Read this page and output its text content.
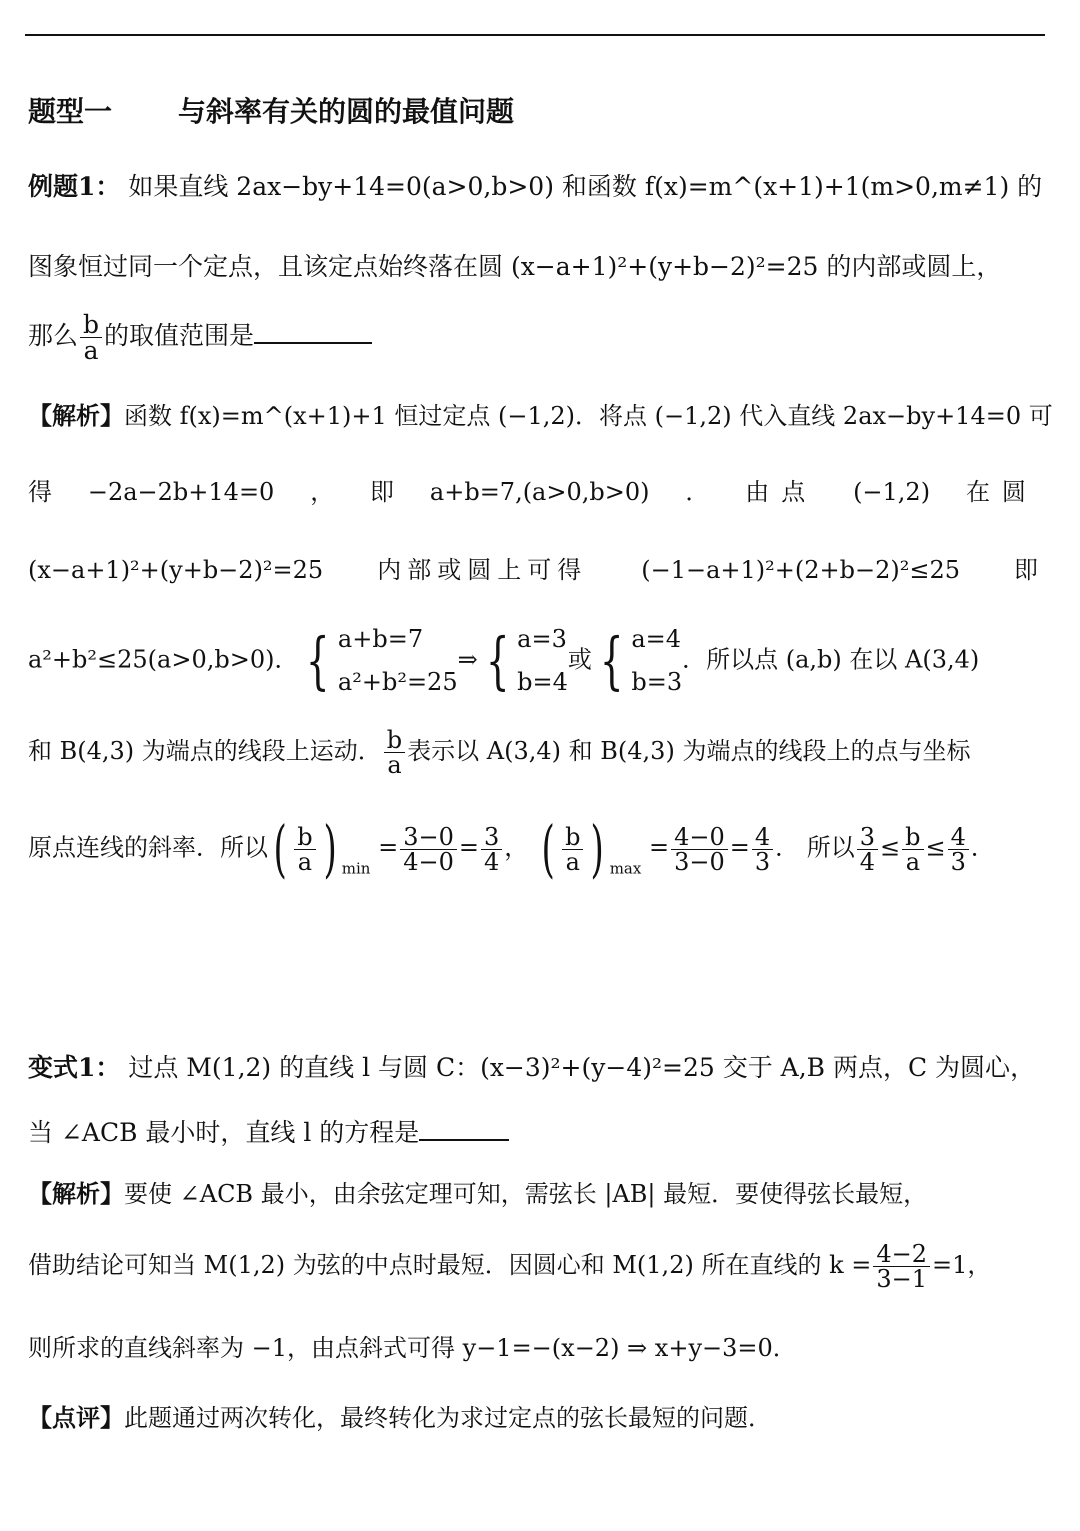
题型一 与斜率有关的圆的最值问题
例题1： 如果直线 2ax−by+14=0(a>0,b>0) 和函数 f(x)=m^(x+1)+1(m>0,m≠1) 的
图象恒过同一个定点，且该定点始终落在圆 (x−a+1)²+(y+b−2)²=25 的内部或圆上，
那么 $\frac{b}{a}$ 的取值范围是
【解析】函数 f(x)=m^(x+1)+1 恒过定点 (−1,2)．将点 (−1,2) 代入直线 2ax−by+14=0 可
得 −2a−2b+14=0 ， 即 a+b=7,(a>0,b>0) ． 由点 (−1,2) 在圆
(x−a+1)²+(y+b−2)²=25 内部或圆上可得 (−1−a+1)²+(2+b−2)²≤25 即
a²+b²≤25(a>0,b>0)． { a+b=7
a²+b²=25
⇒ { a=3
b=4
或 { a=4
b=3
．所以点 (a,b) 在以 A(3,4)
和 B(4,3) 为端点的线段上运动． $\frac{b}{a}$ 表示以 A(3,4) 和 B(4,3) 为端点的线段上的点与坐标
原点连线的斜率．所以( $\frac{b}{a}$ ) $_{min} = \frac{3-0}{4-0} = \frac{3}{4}$ ， ( $\frac{b}{a}$ ) $_{max} = \frac{4-0}{3-0} = \frac{4}{3}$ ． 所以 $\frac{3}{4} \le \frac{b}{a} \le \frac{4}{3}$ ．
变式1： 过点 M(1,2) 的直线 l 与圆 C：(x−3)²+(y−4)²=25 交于 A,B 两点，C 为圆心，
当 ∠ACB 最小时，直线 l 的方程是
【解析】要使 ∠ACB 最小，由余弦定理可知，需弦长 |AB| 最短．要使得弦长最短，
借助结论可知当 M(1,2) 为弦的中点时最短．因圆心和 M(1,2) 所在直线的 $k = \frac{4-2}{3-1} =1$，
则所求的直线斜率为 −1，由点斜式可得 y−1=−(x−2) ⇒ x+y−3=0．
【点评】此题通过两次转化，最终转化为求过定点的弦长最短的问题．
